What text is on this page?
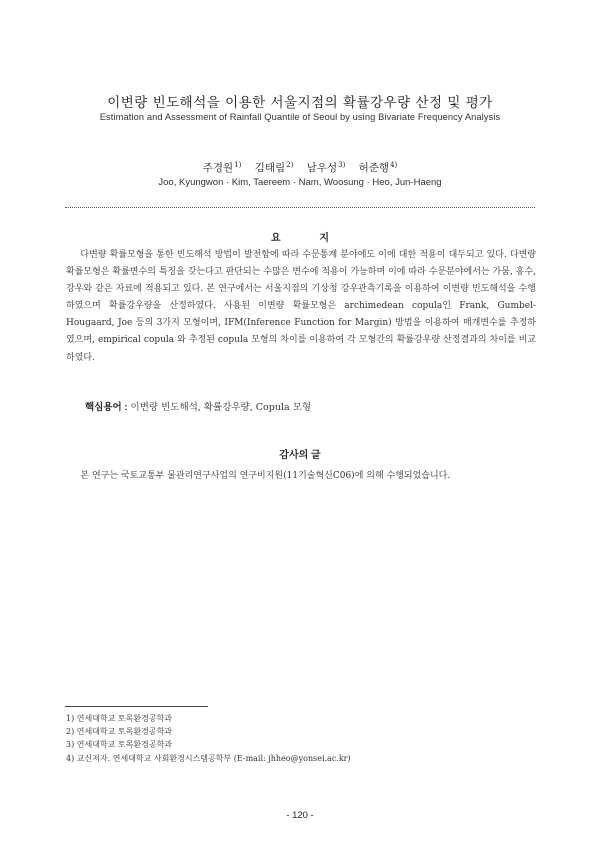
이변량 빈도해석을 이용한 서울지점의 확률강우량 산정 및 평가
Estimation and Assessment of Rainfall Quantile of Seoul by using Bivariate Frequency Analysis
주경원$^{1)}$ 김태림$^{2)}$ 남우성$^{3)}$ 허준행$^{4)}$
Joo, Kyungwon · Kim, Taereem · Nam, Woosung · Heo, Jun-Haeng
요 지

다변량 확률모형을 통한 빈도해석 방법이 발전함에 따라 수문통계 분야에도 이에 대한 적용이 대두되고 있다. 다변량 확률모형은 확률변수의 특징을 갖는다고 판단되는 수많은 변수에 적용이 가능하며 이에 따라 수문분야에서는 가뭄, 홍수, 강우와 같은 자료에 적용되고 있다. 본 연구에서는 서울지점의 기상청 강우관측기록을 이용하여 이변량 빈도해석을 수행하였으며 확률강우량을 산정하였다. 사용된 이변량 확률모형은 archimedean copula인 Frank, Gumbel-Hougaard, Joe 등의 3가지 모형이며, IFM(Inference Function for Margin) 방법을 이용하여 매개변수를 추정하였으며, empirical copula 와 추정된 copula 모형의 차이를 이용하여 각 모형간의 확률강우량 산정결과의 차이를 비교하였다.

핵심용어 : 이변량 빈도해석, 확률강우량, Copula 모형
감사의 글
본 연구는 국토교통부 물관리연구사업의 연구비지원(11기술혁신C06)에 의해 수행되었습니다.
1) 연세대학교 토목환경공학과
2) 연세대학교 토목환경공학과
3) 연세대학교 토목환경공학과
4) 교신저자. 연세대학교 사회환경시스템공학부 (E-mail: jhheo@yonsei.ac.kr)
- 120 -
